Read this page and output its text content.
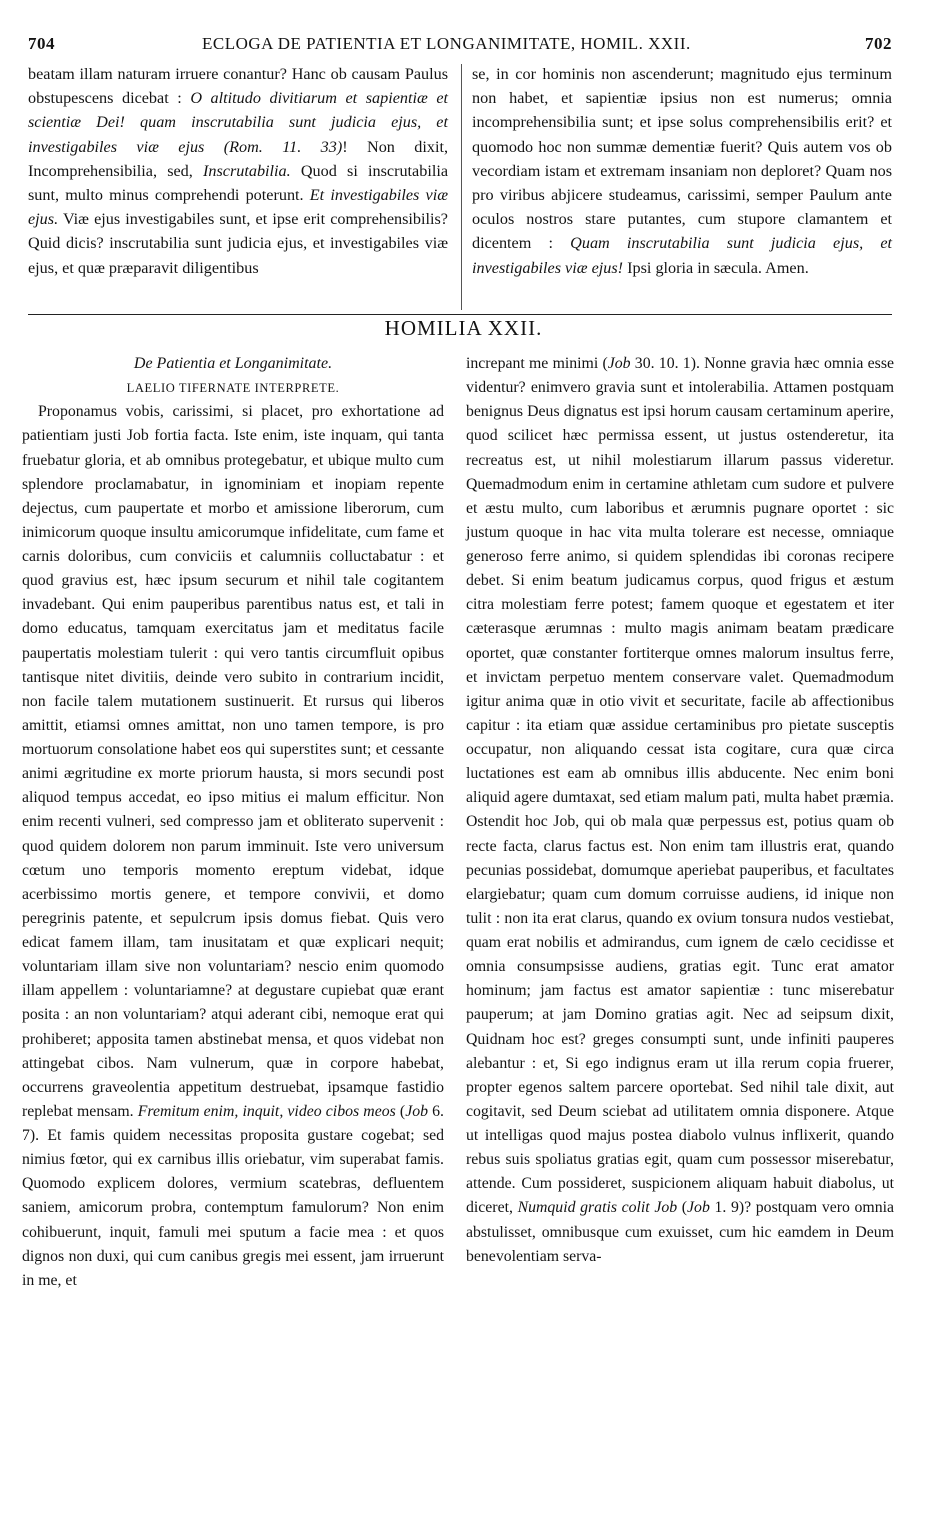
704	ECLOGA DE PATIENTIA ET LONGANIMITATE, HOMIL. XXII.	702

beatam illam naturam irruere conantur? Hanc ob causam Paulus obstupescens dicebat : O altitudo divitiarum et sapientiæ et scientiæ Dei! quam inscrutabilia sunt judicia ejus, et investigabiles viæ ejus (Rom. 11. 33)! Non dixit, Incomprehensibilia, sed, Inscrutabilia. Quod si inscrutabilia sunt, multo minus comprehendi poterunt. Et investigabiles viæ ejus. Viæ ejus investigabiles sunt, et ipse erit comprehensibilis? Quid dicis? inscrutabilia sunt judicia ejus, et investigabiles viæ ejus, et quæ præparavit diligentibus

se, in cor hominis non ascenderunt; magnitudo ejus terminum non habet, et sapientiæ ipsius non est numerus; omnia incomprehensibilia sunt; et ipse solus comprehensibilis erit? et quomodo hoc non summæ dementiæ fuerit? Quis autem vos ob vecordiam istam et extremam insaniam non deploret? Quam nos pro viribus abjicere studeamus, carissimi, semper Paulum ante oculos nostros stare putantes, cum stupore clamantem et dicentem : Quam inscrutabilia sunt judicia ejus, et investigabiles viæ ejus! Ipsi gloria in sæcula. Amen.

HOMILIA XXII.

De Patientia et Longanimitate.

LAELIO TIFERNATE INTERPRETE.

Proponamus vobis, carissimi, si placet, pro exhortatione ad patientiam justi Job fortia facta. Iste enim, iste inquam, qui tanta fruebatur gloria, et ab omnibus protegebatur, et ubique multo cum splendore proclamabatur, in ignominiam et inopiam repente dejectus, cum paupertate et morbo et amissione liberorum, cum inimicorum quoque insultu amicorumque infidelitate, cum fame et carnis doloribus, cum conviciis et calumniis colluctabatur : et quod gravius est, hæc ipsum securum et nihil tale cogitantem invadebant. Qui enim pauperibus parentibus natus est, et tali in domo educatus, tamquam exercitatus jam et meditatus facile paupertatis molestiam tulerit : qui vero tantis circumfluit opibus tantisque nitet divitiis, deinde vero subito in contrarium incidit, non facile talem mutationem sustinuerit. Et rursus qui liberos amittit, etiamsi omnes amittat, non uno tamen tempore, is pro mortuorum consolatione habet eos qui superstites sunt; et cessante animi ægritudine ex morte priorum hausta, si mors secundi post aliquod tempus accedat, eo ipso mitius ei malum efficitur. Non enim recenti vulneri, sed compresso jam et obliterato supervenit : quod quidem dolorem non parum imminuit. Iste vero universum cœtum uno temporis momento ereptum videbat, idque acerbissimo mortis genere, et tempore convivii, et domo peregrinis patente, et sepulcrum ipsis domus fiebat. Quis vero edicat famem illam, tam inusitatam et quæ explicari nequit; voluntariam illam sive non voluntariam? nescio enim quomodo illam appellem : voluntariamne? at degustare cupiebat quæ erant posita : an non voluntariam? atqui aderant cibi, nemoque erat qui prohiberet; apposita tamen abstinebat mensa, et quos videbat non attingebat cibos. Nam vulnerum, quæ in corpore habebat, occurrens graveolentia appetitum destruebat, ipsamque fastidio replebat mensam. Fremitum enim, inquit, video cibos meos (Job 6. 7). Et famis quidem necessitas proposita gustare cogebat; sed nimius fœtor, qui ex carnibus illis oriebatur, vim superabat famis. Quomodo explicem dolores, vermium scatebras, defluentem saniem, amicorum probra, contemptum famulorum? Non enim cohibuerunt, inquit, famuli mei sputum a facie mea : et quos dignos non duxi, qui cum canibus gregis mei essent, jam irruerunt in me, et

increpant me minimi (Job 30. 10. 1). Nonne gravia hæc omnia esse videntur? enimvero gravia sunt et intolerabilia. Attamen postquam benignus Deus dignatus est ipsi horum causam certaminum aperire, quod scilicet hæc permissa essent, ut justus ostenderetur, ita recreatus est, ut nihil molestiarum illarum passus videretur. Quemadmodum enim in certamine athletam cum sudore et pulvere et æstu multo, cum laboribus et ærumnis pugnare oportet : sic justum quoque in hac vita multa tolerare est necesse, omniaque generoso ferre animo, si quidem splendidas ibi coronas recipere debet. Si enim beatum judicamus corpus, quod frigus et æstum citra molestiam ferre potest; famem quoque et egestatem et iter cæterasque ærumnas : multo magis animam beatam prædicare oportet, quæ constanter fortiterque omnes malorum insultus ferre, et invictam perpetuo mentem conservare valet. Quemadmodum igitur anima quæ in otio vivit et securitate, facile ab affectionibus capitur : ita etiam quæ assidue certaminibus pro pietate susceptis occupatur, non aliquando cessat ista cogitare, cura quæ circa luctationes est eam ab omnibus illis abducente. Nec enim boni aliquid agere dumtaxat, sed etiam malum pati, multa habet præmia. Ostendit hoc Job, qui ob mala quæ perpessus est, potius quam ob recte facta, clarus factus est. Non enim tam illustris erat, quando pecunias possidebat, domumque aperiebat pauperibus, et facultates elargiebatur; quam cum domum corruisse audiens, id inique non tulit : non ita erat clarus, quando ex ovium tonsura nudos vestiebat, quam erat nobilis et admirandus, cum ignem de cælo cecidisse et omnia consumpsisse audiens, gratias egit. Tunc erat amator hominum; jam factus est amator sapientiæ : tunc miserebatur pauperum; at jam Domino gratias agit. Nec ad seipsum dixit, Quidnam hoc est? greges consumpti sunt, unde infiniti pauperes alebantur : et, Si ego indignus eram ut illa rerum copia fruerer, propter egenos saltem parcere oportebat. Sed nihil tale dixit, aut cogitavit, sed Deum sciebat ad utilitatem omnia disponere. Atque ut intelligas quod majus postea diabolo vulnus inflixerit, quando rebus suis spoliatus gratias egit, quam cum possessor miserebatur, attende. Cum possideret, suspicionem aliquam habuit diabolus, ut diceret, Numquid gratis colit Job (Job 1. 9)? postquam vero omnia abstulisset, omnibusque cum exuisset, cum hic eamdem in Deum benevolentiam serva-
